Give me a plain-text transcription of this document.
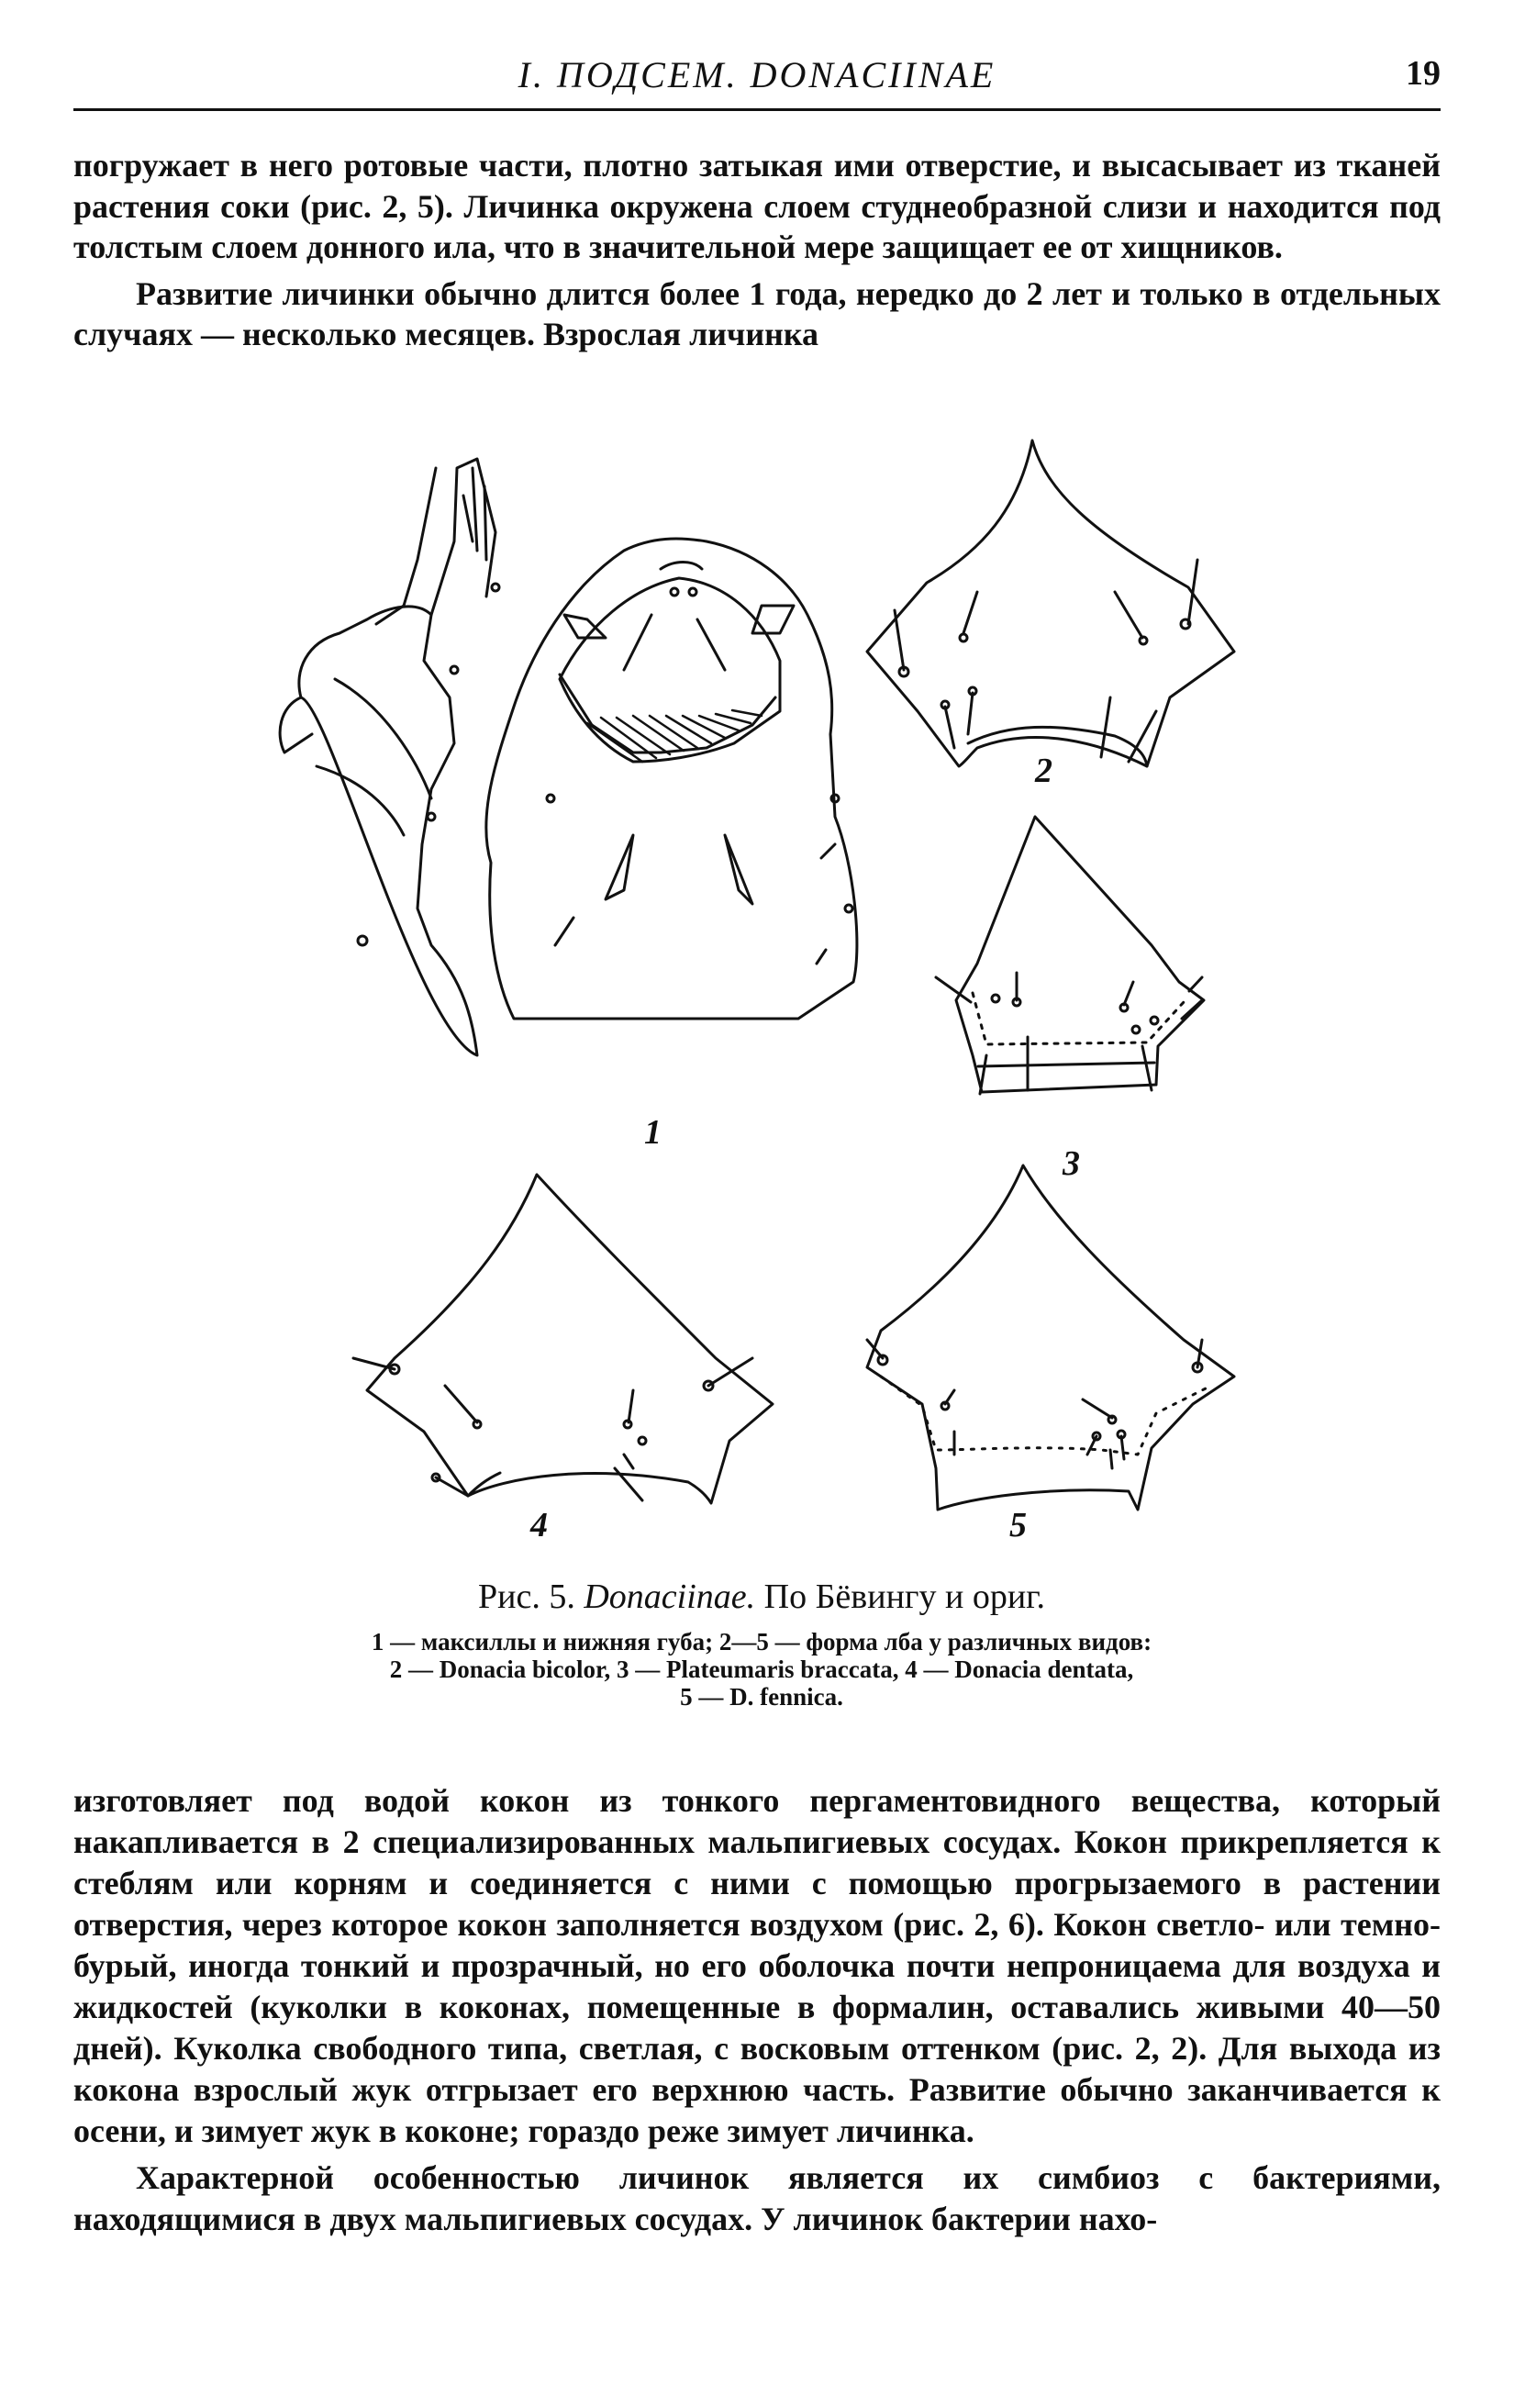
I. ПОДСЕМ. DONACIINAE	19

погружает в него ротовые части, плотно затыкая ими отверстие, и высасывает из тканей растения соки (рис. 2, 5). Личинка окружена слоем студнеобразной слизи и находится под толстым слоем донного ила, что в значительной мере защищает ее от хищников.

Развитие личинки обычно длится более 1 года, нередко до 2 лет и только в отдельных случаях — несколько месяцев. Взрослая личинка

1
2
3
4	5
Рис. 5. Donaciinae. По Бёвингу и ориг.
1 — максиллы и нижняя губа; 2—5 — форма лба у различных видов:
2 — Donacia bicolor, 3 — Plateumaris braccata, 4 — Donacia dentata,
5 — D. fennica.

изготовляет под водой кокон из тонкого пергаментовидного вещества, который накапливается в 2 специализированных мальпигиевых сосудах. Кокон прикрепляется к стеблям или корням и соединяется с ними с помощью прогрызаемого в растении отверстия, через которое кокон заполняется воздухом (рис. 2, 6). Кокон светло- или темно-бурый, иногда тонкий и прозрачный, но его оболочка почти непроницаема для воздуха и жидкостей (куколки в коконах, помещенные в формалин, оставались живыми 40—50 дней). Куколка свободного типа, светлая, с восковым оттенком (рис. 2, 2). Для выхода из кокона взрослый жук отгрызает его верхнюю часть. Развитие обычно заканчивается к осени, и зимует жук в коконе; гораздо реже зимует личинка.

Характерной особенностью личинок является их симбиоз с бактериями, находящимися в двух мальпигиевых сосудах. У личинок бактерии нахо-
